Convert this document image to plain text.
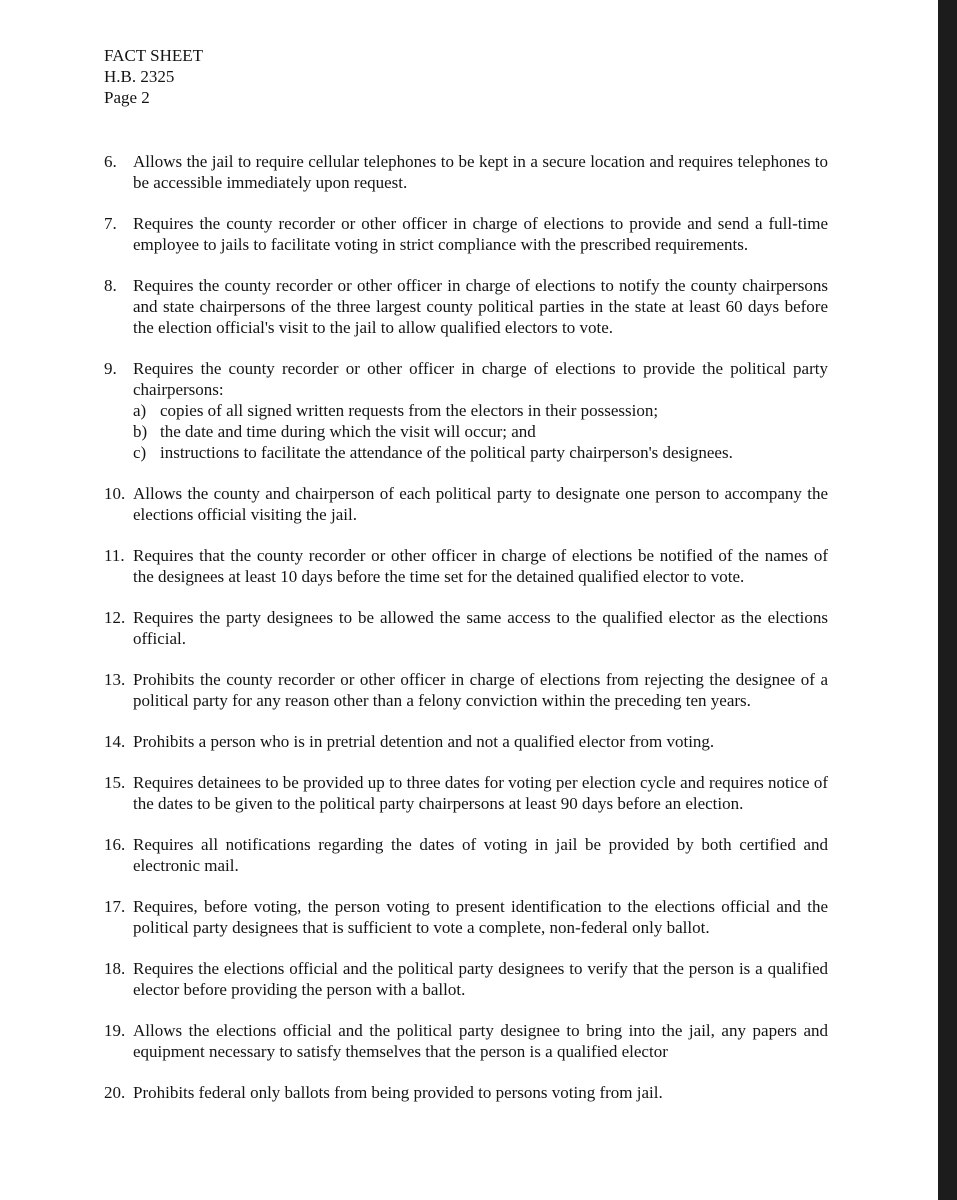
FACT SHEET
H.B. 2325
Page 2
6. Allows the jail to require cellular telephones to be kept in a secure location and requires telephones to be accessible immediately upon request.
7. Requires the county recorder or other officer in charge of elections to provide and send a full-time employee to jails to facilitate voting in strict compliance with the prescribed requirements.
8. Requires the county recorder or other officer in charge of elections to notify the county chairpersons and state chairpersons of the three largest county political parties in the state at least 60 days before the election official's visit to the jail to allow qualified electors to vote.
9. Requires the county recorder or other officer in charge of elections to provide the political party chairpersons:
a) copies of all signed written requests from the electors in their possession;
b) the date and time during which the visit will occur; and
c) instructions to facilitate the attendance of the political party chairperson's designees.
10. Allows the county and chairperson of each political party to designate one person to accompany the elections official visiting the jail.
11. Requires that the county recorder or other officer in charge of elections be notified of the names of the designees at least 10 days before the time set for the detained qualified elector to vote.
12. Requires the party designees to be allowed the same access to the qualified elector as the elections official.
13. Prohibits the county recorder or other officer in charge of elections from rejecting the designee of a political party for any reason other than a felony conviction within the preceding ten years.
14. Prohibits a person who is in pretrial detention and not a qualified elector from voting.
15. Requires detainees to be provided up to three dates for voting per election cycle and requires notice of the dates to be given to the political party chairpersons at least 90 days before an election.
16. Requires all notifications regarding the dates of voting in jail be provided by both certified and electronic mail.
17. Requires, before voting, the person voting to present identification to the elections official and the political party designees that is sufficient to vote a complete, non-federal only ballot.
18. Requires the elections official and the political party designees to verify that the person is a qualified elector before providing the person with a ballot.
19. Allows the elections official and the political party designee to bring into the jail, any papers and equipment necessary to satisfy themselves that the person is a qualified elector
20. Prohibits federal only ballots from being provided to persons voting from jail.
